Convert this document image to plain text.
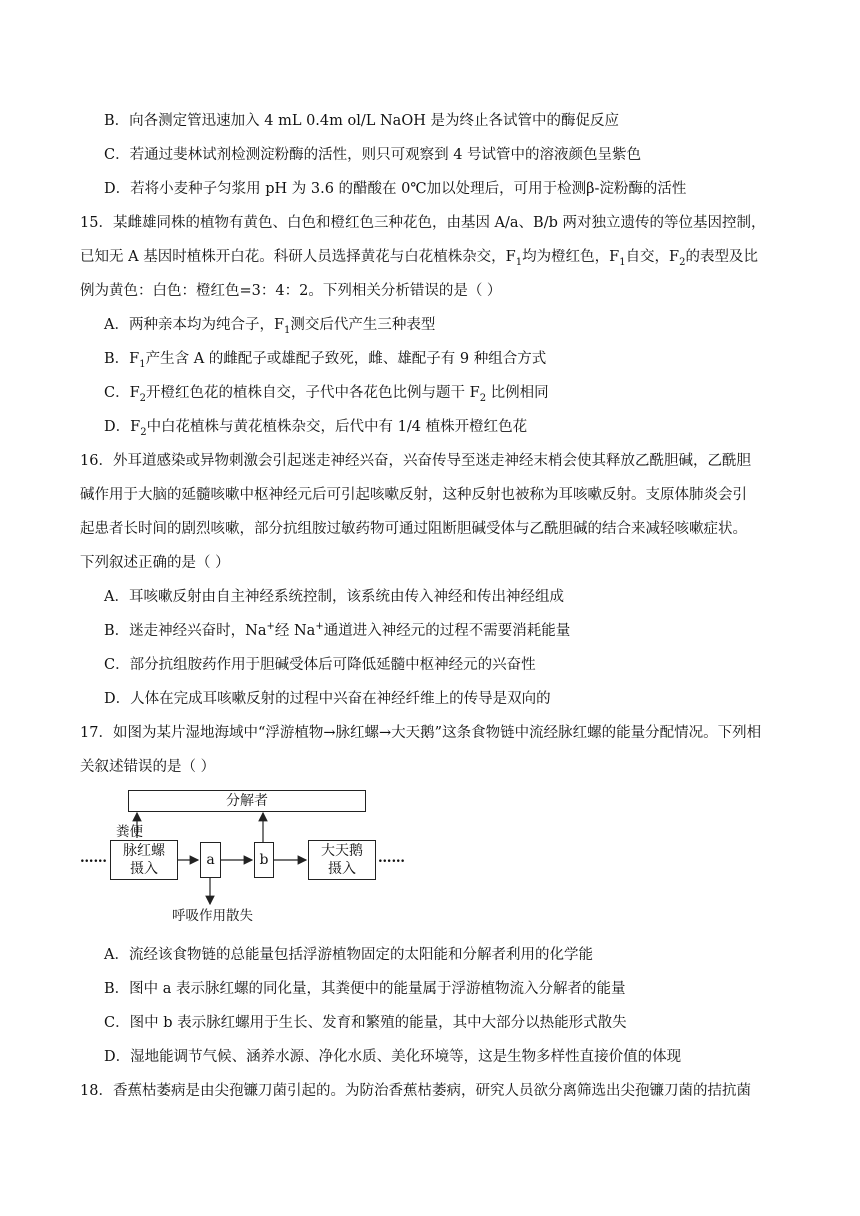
B．向各测定管迅速加入 4 mL 0.4m ol/L NaOH 是为终止各试管中的酶促反应
C．若通过斐林试剂检测淀粉酶的活性，则只可观察到 4 号试管中的溶液颜色呈紫色
D．若将小麦种子匀浆用 pH 为 3.6 的醋酸在 0℃加以处理后，可用于检测β-淀粉酶的活性
15．某雌雄同株的植物有黄色、白色和橙红色三种花色，由基因 A/a、B/b 两对独立遗传的等位基因控制，
已知无 A 基因时植株开白花。科研人员选择黄花与白花植株杂交，$F_1$均为橙红色，$F_1$自交，$F_2$的表型及比
例为黄色：白色：橙红色=3：4：2。下列相关分析错误的是（ ）
A．两种亲本均为纯合子，$F_1$测交后代产生三种表型
B．$F_1$产生含 A 的雌配子或雄配子致死，雌、雄配子有 9 种组合方式
C．$F_2$开橙红色花的植株自交，子代中各花色比例与题干 $F_2$ 比例相同
D．$F_2$中白花植株与黄花植株杂交，后代中有 1/4 植株开橙红色花
16．外耳道感染或异物刺激会引起迷走神经兴奋，兴奋传导至迷走神经末梢会使其释放乙酰胆碱，乙酰胆
碱作用于大脑的延髓咳嗽中枢神经元后可引起咳嗽反射，这种反射也被称为耳咳嗽反射。支原体肺炎会引
起患者长时间的剧烈咳嗽，部分抗组胺过敏药物可通过阻断胆碱受体与乙酰胆碱的结合来减轻咳嗽症状。
下列叙述正确的是（ ）
A．耳咳嗽反射由自主神经系统控制，该系统由传入神经和传出神经组成
B．迷走神经兴奋时，Na+经 Na+通道进入神经元的过程不需要消耗能量
C．部分抗组胺药作用于胆碱受体后可降低延髓中枢神经元的兴奋性
D．人体在完成耳咳嗽反射的过程中兴奋在神经纤维上的传导是双向的
17．如图为某片湿地海域中“浮游植物→脉红螺→大天鹅”这条食物链中流经脉红螺的能量分配情况。下列相
关叙述错误的是（ ）
分解者
粪便
……	脉红螺
摄入
a	b
大天鹅
摄入
……
呼吸作用散失
A．流经该食物链的总能量包括浮游植物固定的太阳能和分解者利用的化学能
B．图中 a 表示脉红螺的同化量，其粪便中的能量属于浮游植物流入分解者的能量
C．图中 b 表示脉红螺用于生长、发育和繁殖的能量，其中大部分以热能形式散失
D．湿地能调节气候、涵养水源、净化水质、美化环境等，这是生物多样性直接价值的体现
18．香蕉枯萎病是由尖孢镰刀菌引起的。为防治香蕉枯萎病，研究人员欲分离筛选出尖孢镰刀菌的拮抗菌
